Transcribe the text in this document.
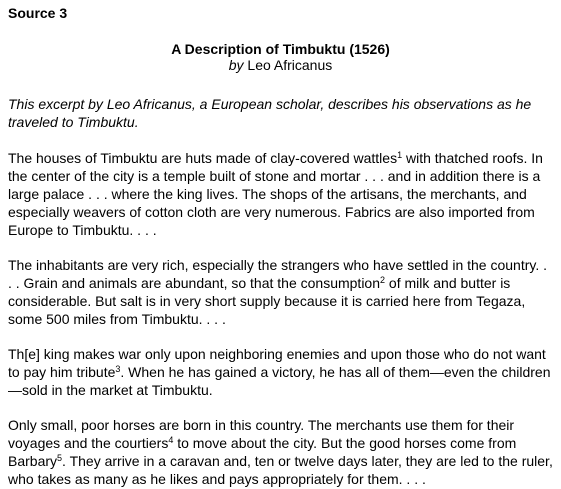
Source 3
A Description of Timbuktu (1526)
by Leo Africanus
This excerpt by Leo Africanus, a European scholar, describes his observations as he traveled to Timbuktu.
The houses of Timbuktu are huts made of clay-covered wattles$^1$ with thatched roofs. In the center of the city is a temple built of stone and mortar . . . and in addition there is a large palace . . . where the king lives. The shops of the artisans, the merchants, and especially weavers of cotton cloth are very numerous. Fabrics are also imported from Europe to Timbuktu. . . .
The inhabitants are very rich, especially the strangers who have settled in the country. . . . Grain and animals are abundant, so that the consumption$^2$ of milk and butter is considerable. But salt is in very short supply because it is carried here from Tegaza, some 500 miles from Timbuktu. . . .
Th[e] king makes war only upon neighboring enemies and upon those who do not want to pay him tribute$^3$. When he has gained a victory, he has all of them—even the children—sold in the market at Timbuktu.
Only small, poor horses are born in this country. The merchants use them for their voyages and the courtiers$^4$ to move about the city. But the good horses come from Barbary$^5$. They arrive in a caravan and, ten or twelve days later, they are led to the ruler, who takes as many as he likes and pays appropriately for them. . . .
